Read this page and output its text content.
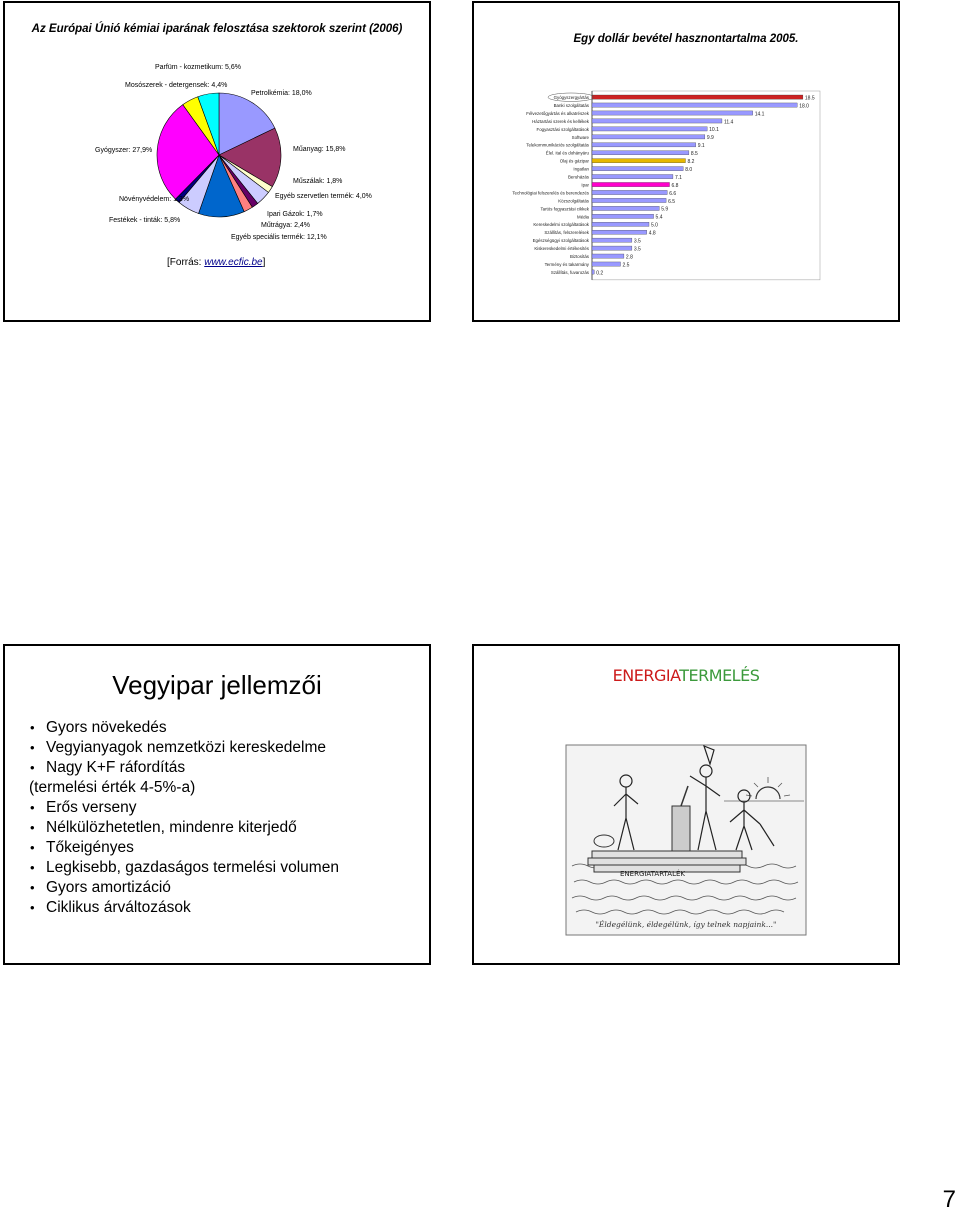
Az Európai Únió kémiai iparának felosztása szektorok szerint (2006)
Petrolkémia: 18,0%
Műanyag: 15,8%
Műszálak: 1,8%
Egyéb szervetlen termék: 4,0%
Ipari Gázok: 1,7%
Műtrágya: 2,4%
Egyéb speciális termék: 12,1%
Festékek - tinták: 5,8%
Növényvédelem: 1,3%
Gyógyszer: 27,9%
Mosószerek - detergensek: 4,4%
Parfüm - kozmetikum: 5,6%
[Forrás: www.ecfic.be]
Egy dollár bevétel hasznontartalma 2005.
Gyógyszergyártás	18.5
Banki szolgáltatás	18.0
Félvezetőgyártás és alkatrészek	14.1
Háztartási szerek és kellékek	11.4
Fogyasztási szolgáltatások	10.1
Software	9.9
Telekommunikációs szolgáltatás	9.1
Élel. ital és dohányáru	8.5
Olaj és gázipar	8.2
Ingatlan	8.0
Beruházás	7.1
Ipar	6.8
Technológiai felszerelés és berendezés	6.6
Közszolgáltatás	6.5
Tartós fogyasztási cikkek	5.9
Média	5.4
Kereskedelmi szolgáltatások	5.0
Szállítás, felszerelések	4.8
Egészségügyi szolgáltatások	3.5
Kiskereskedelmi értékesítés	3.5
Biztosítás	2.8
Termény és takarmány	2.5
Szállítás, fuvarozás 0.2
Vegyipar jellemzői
• Gyors növekedés
• Vegyianyagok nemzetközi kereskedelme
• Nagy K+F ráfordítás
(termelési érték 4-5%-a)
• Erős verseny
• Nélkülözhetetlen, mindenre kiterjedő
• Tőkeigényes
• Legkisebb, gazdaságos termelési volumen
• Gyors amortizáció
• Ciklikus árváltozások
ENERGIATERMELÉS
ENERGIATARTALÉK
"Éldegélünk, éldegélünk, így telnek napjaink..."
7
